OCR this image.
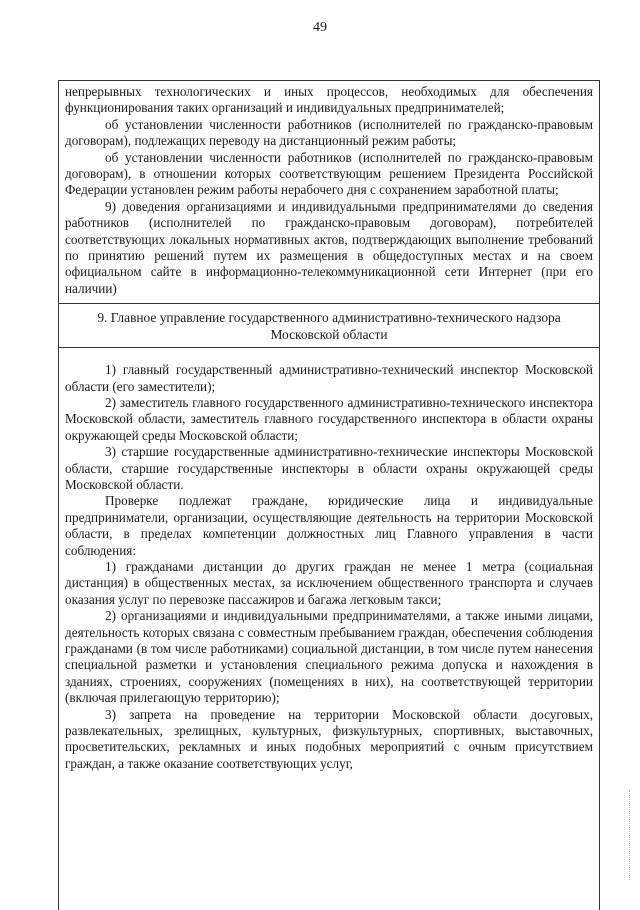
49

непрерывных технологических и иных процессов, необходимых для обеспечения функционирования таких организаций и индивидуальных предпринимателей;

об установлении численности работников (исполнителей по гражданско-правовым договорам), подлежащих переводу на дистанционный режим работы;

об установлении численности работников (исполнителей по гражданско-правовым договорам), в отношении которых соответствующим решением Президента Российской Федерации установлен режим работы нерабочего дня с сохранением заработной платы;

9) доведения организациями и индивидуальными предпринимателями до сведения работников (исполнителей по гражданско-правовым договорам), потребителей соответствующих локальных нормативных актов, подтверждающих выполнение требований по принятию решений путем их размещения в общедоступных местах и на своем официальном сайте в информационно-телекоммуникационной сети Интернет (при его наличии)

9. Главное управление государственного административно-технического надзора Московской области

1) главный государственный административно-технический инспектор Московской области (его заместители);

2) заместитель главного государственного административно-технического инспектора Московской области, заместитель главного государственного инспектора в области охраны окружающей среды Московской области;

3) старшие государственные административно-технические инспекторы Московской области, старшие государственные инспекторы в области охраны окружающей среды Московской области.

Проверке подлежат граждане, юридические лица и индивидуальные предприниматели, организации, осуществляющие деятельность на территории Московской области, в пределах компетенции должностных лиц Главного управления в части соблюдения:

1) гражданами дистанции до других граждан не менее 1 метра (социальная дистанция) в общественных местах, за исключением общественного транспорта и случаев оказания услуг по перевозке пассажиров и багажа легковым такси;

2) организациями и индивидуальными предпринимателями, а также иными лицами, деятельность которых связана с совместным пребыванием граждан, обеспечения соблюдения гражданами (в том числе работниками) социальной дистанции, в том числе путем нанесения специальной разметки и установления специального режима допуска и нахождения в зданиях, строениях, сооружениях (помещениях в них), на соответствующей территории (включая прилегающую территорию);

3) запрета на проведение на территории Московской области досуговых, развлекательных, зрелищных, культурных, физкультурных, спортивных, выставочных, просветительских, рекламных и иных подобных мероприятий с очным присутствием граждан, а также оказание соответствующих услуг,
